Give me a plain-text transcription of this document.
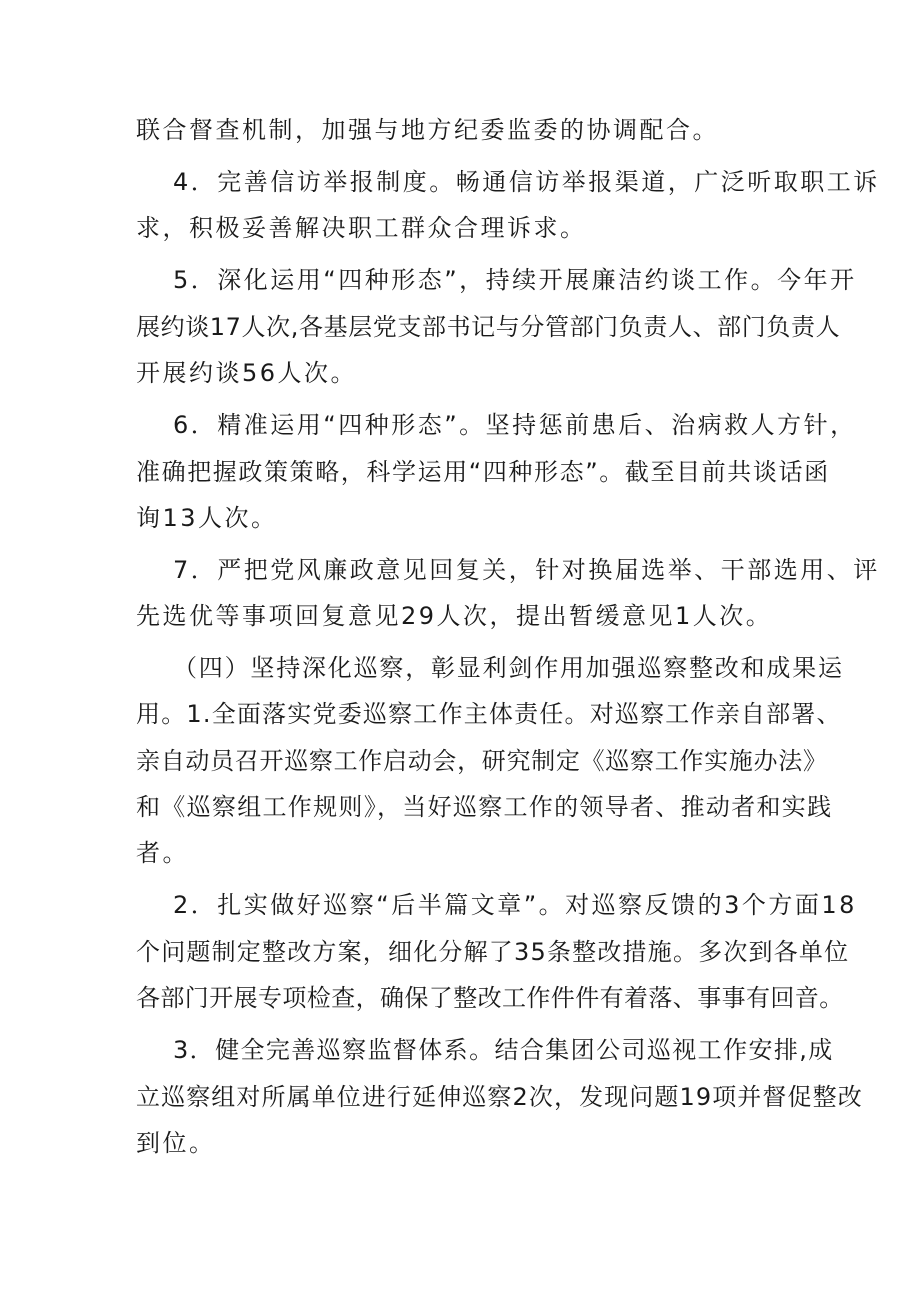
联合督查机制，加强与地方纪委监委的协调配合。
4．完善信访举报制度。畅通信访举报渠道，广泛听取职工诉
求，积极妥善解决职工群众合理诉求。
5．深化运用“四种形态”，持续开展廉洁约谈工作。今年开
展约谈17人次,各基层党支部书记与分管部门负责人、部门负责人
开展约谈56人次。
6．精准运用“四种形态”。坚持惩前患后、治病救人方针，
准确把握政策策略，科学运用“四种形态”。截至目前共谈话函
询13人次。
7．严把党风廉政意见回复关，针对换届选举、干部选用、评
先选优等事项回复意见29人次，提出暂缓意见1人次。
（四）坚持深化巡察，彰显利剑作用加强巡察整改和成果运
用。1.全面落实党委巡察工作主体责任。对巡察工作亲自部署、
亲自动员召开巡察工作启动会，研究制定《巡察工作实施办法》
和《巡察组工作规则》，当好巡察工作的领导者、推动者和实践
者。
2．扎实做好巡察“后半篇文章”。对巡察反馈的3个方面18
个问题制定整改方案，细化分解了35条整改措施。多次到各单位
各部门开展专项检查，确保了整改工作件件有着落、事事有回音。
3．健全完善巡察监督体系。结合集团公司巡视工作安排,成
立巡察组对所属单位进行延伸巡察2次，发现问题19项并督促整改
到位。
